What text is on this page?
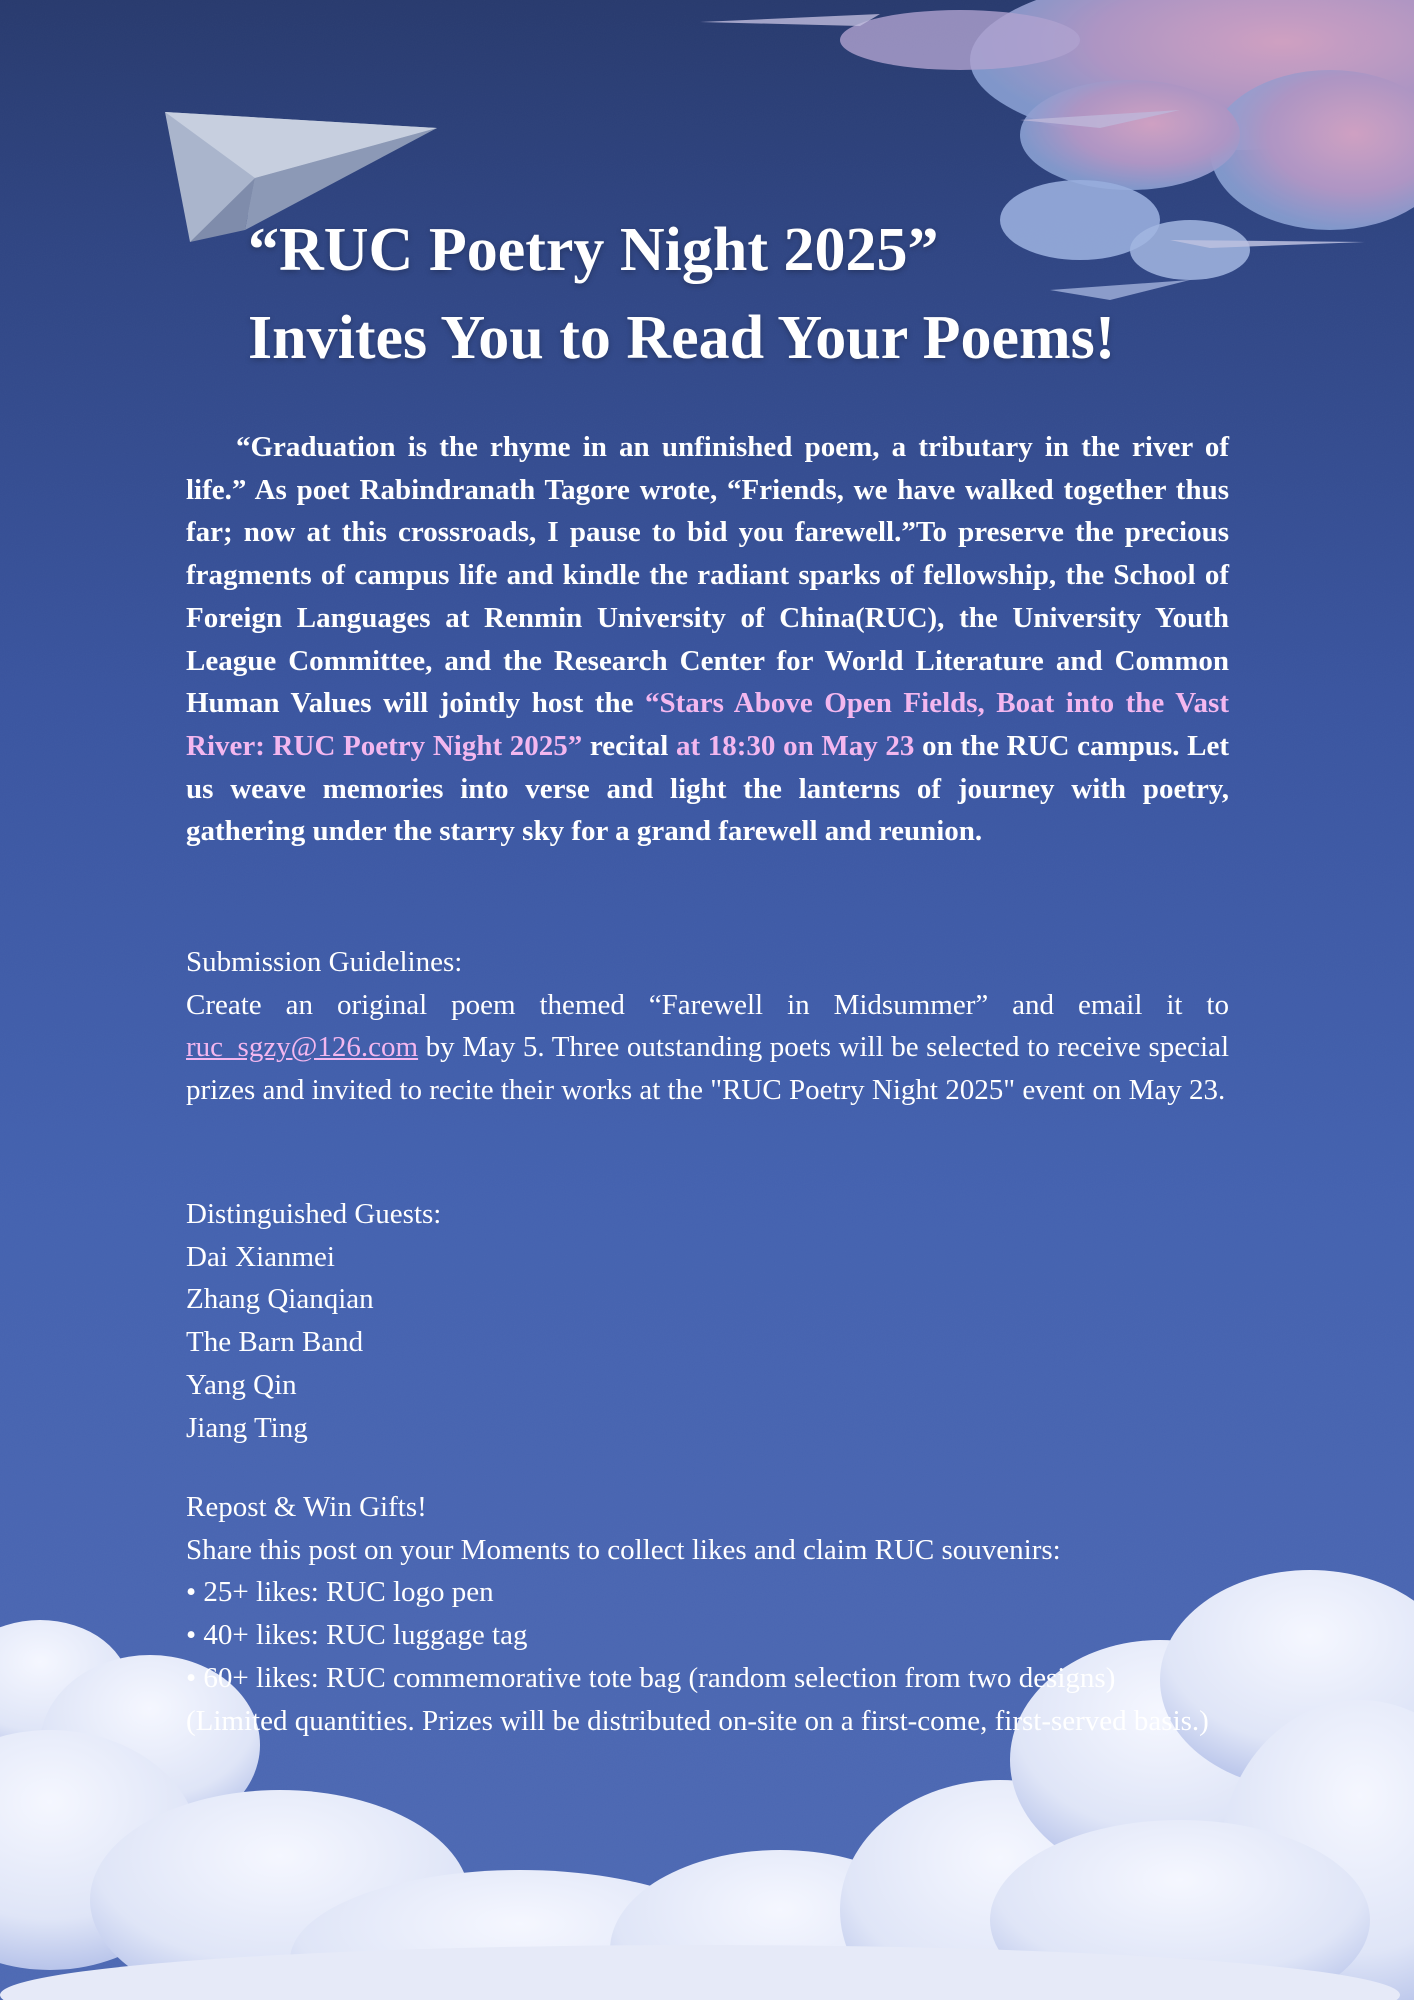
“RUC Poetry Night 2025”
Invites You to Read Your Poems!

“Graduation is the rhyme in an unfinished poem, a tributary in the river of life.” As poet Rabindranath Tagore wrote, “Friends, we have walked together thus far; now at this crossroads, I pause to bid you farewell.”To preserve the precious fragments of campus life and kindle the radiant sparks of fellowship, the School of Foreign Languages at Renmin University of China(RUC), the University Youth League Committee, and the Research Center for World Literature and Common Human Values will jointly host the “Stars Above Open Fields, Boat into the Vast River: RUC Poetry Night 2025” recital at 18:30 on May 23 on the RUC campus. Let us weave memories into verse and light the lanterns of journey with poetry, gathering under the starry sky for a grand farewell and reunion.

Submission Guidelines:

Create an original poem themed “Farewell in Midsummer” and email it to ruc_sgzy@126.com by May 5. Three outstanding poets will be selected to receive special prizes and invited to recite their works at the "RUC Poetry Night 2025" event on May 23.

Distinguished Guests:
Dai Xianmei
Zhang Qianqian
The Barn Band
Yang Qin
Jiang Ting
Repost & Win Gifts!
Share this post on your Moments to collect likes and claim RUC souvenirs:
• 25+ likes: RUC logo pen
• 40+ likes: RUC luggage tag
• 60+ likes: RUC commemorative tote bag (random selection from two designs)
(Limited quantities. Prizes will be distributed on-site on a first-come, first-served basis.)
